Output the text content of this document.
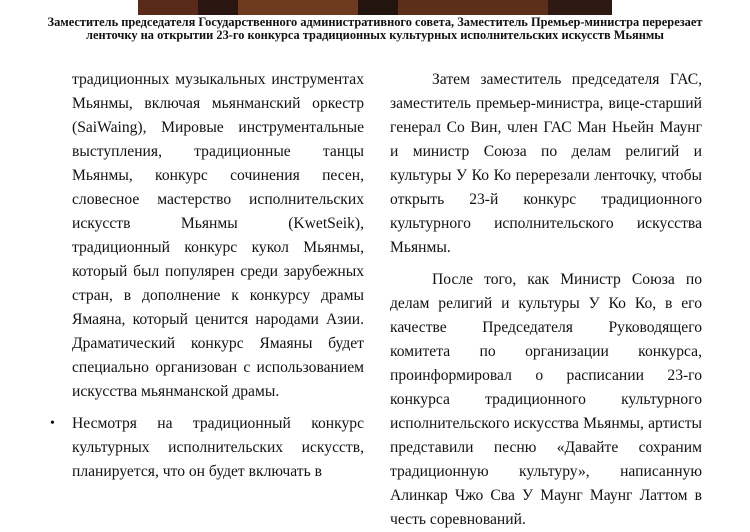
Заместитель председателя Государственного административного совета, Заместитель Премьер-министра перерезает ленточку на открытии 23-го конкурса традиционных культурных исполнительских искусств Мьянмы

традиционных музыкальных инструментах Мьянмы, включая мьянманский оркестр (SaiWaing), Мировые инструментальные выступления, традиционные танцы Мьянмы, конкурс сочинения песен, словесное мастерство исполнительских искусств Мьянмы (KwetSeik), традиционный конкурс кукол Мьянмы, который был популярен среди зарубежных стран, в дополнение к конкурсу драмы Ямаяна, который ценится народами Азии. Драматический конкурс Ямаяны будет специально организован с использованием искусства мьянманской драмы.

• Несмотря на традиционный конкурс культурных исполнительских искусств, планируется, что он будет включать в

Затем заместитель председателя ГАС, заместитель премьер-министра, вице-старший генерал Со Вин, член ГАС Ман Ньейн Маунг и министр Союза по делам религий и культуры У Ко Ко перерезали ленточку, чтобы открыть 23-й конкурс традиционного культурного исполнительского искусства Мьянмы.

После того, как Министр Союза по делам религий и культуры У Ко Ко, в его качестве Председателя Руководящего комитета по организации конкурса, проинформировал о расписании 23-го конкурса традиционного культурного исполнительского искусства Мьянмы, артисты представили песню «Давайте сохраним традиционную культуру», написанную Алинкар Чжо Сва У Маунг Маунг Латтом в честь соревнований.
